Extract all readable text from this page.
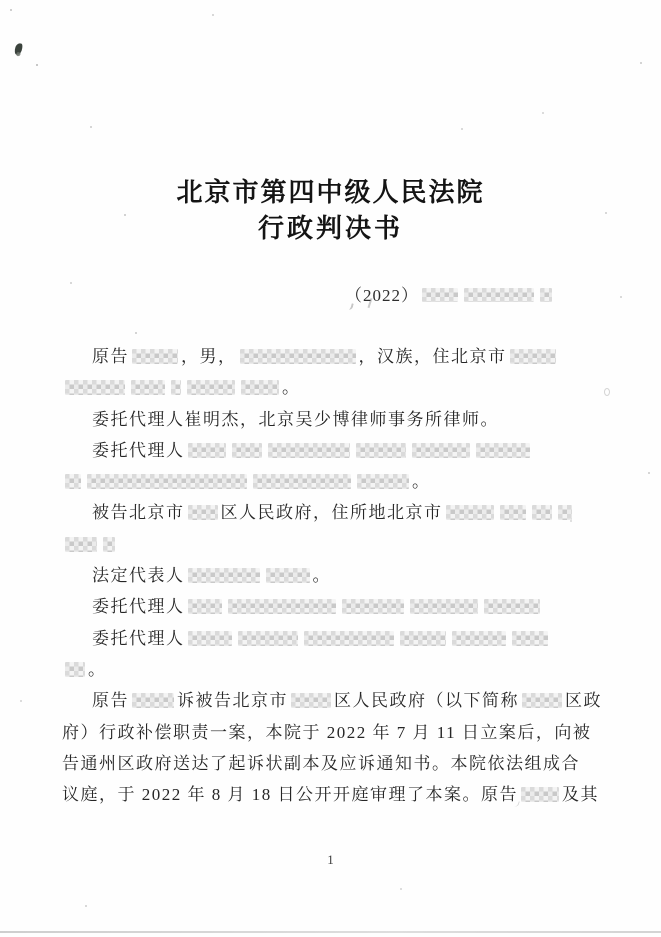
北京市第四中级人民法院
行政判决书
（2022）
原告	，男，	，汉族，住北京市
。
委托代理人崔明杰，北京吴少博律师事务所律师。
委托代理人
。
被告北京市 区人民政府，住所地北京市
法定代表人	。
委托代理人
委托代理人
。
原告	诉被告北京市	区人民政府（以下简称	区政
府）行政补偿职责一案，本院于 2022 年 7 月 11 日立案后，向被
告通州区政府送达了起诉状副本及应诉通知书。本院依法组成合
议庭，于 2022 年 8 月 18 日公开开庭审理了本案。原告	及其
1
